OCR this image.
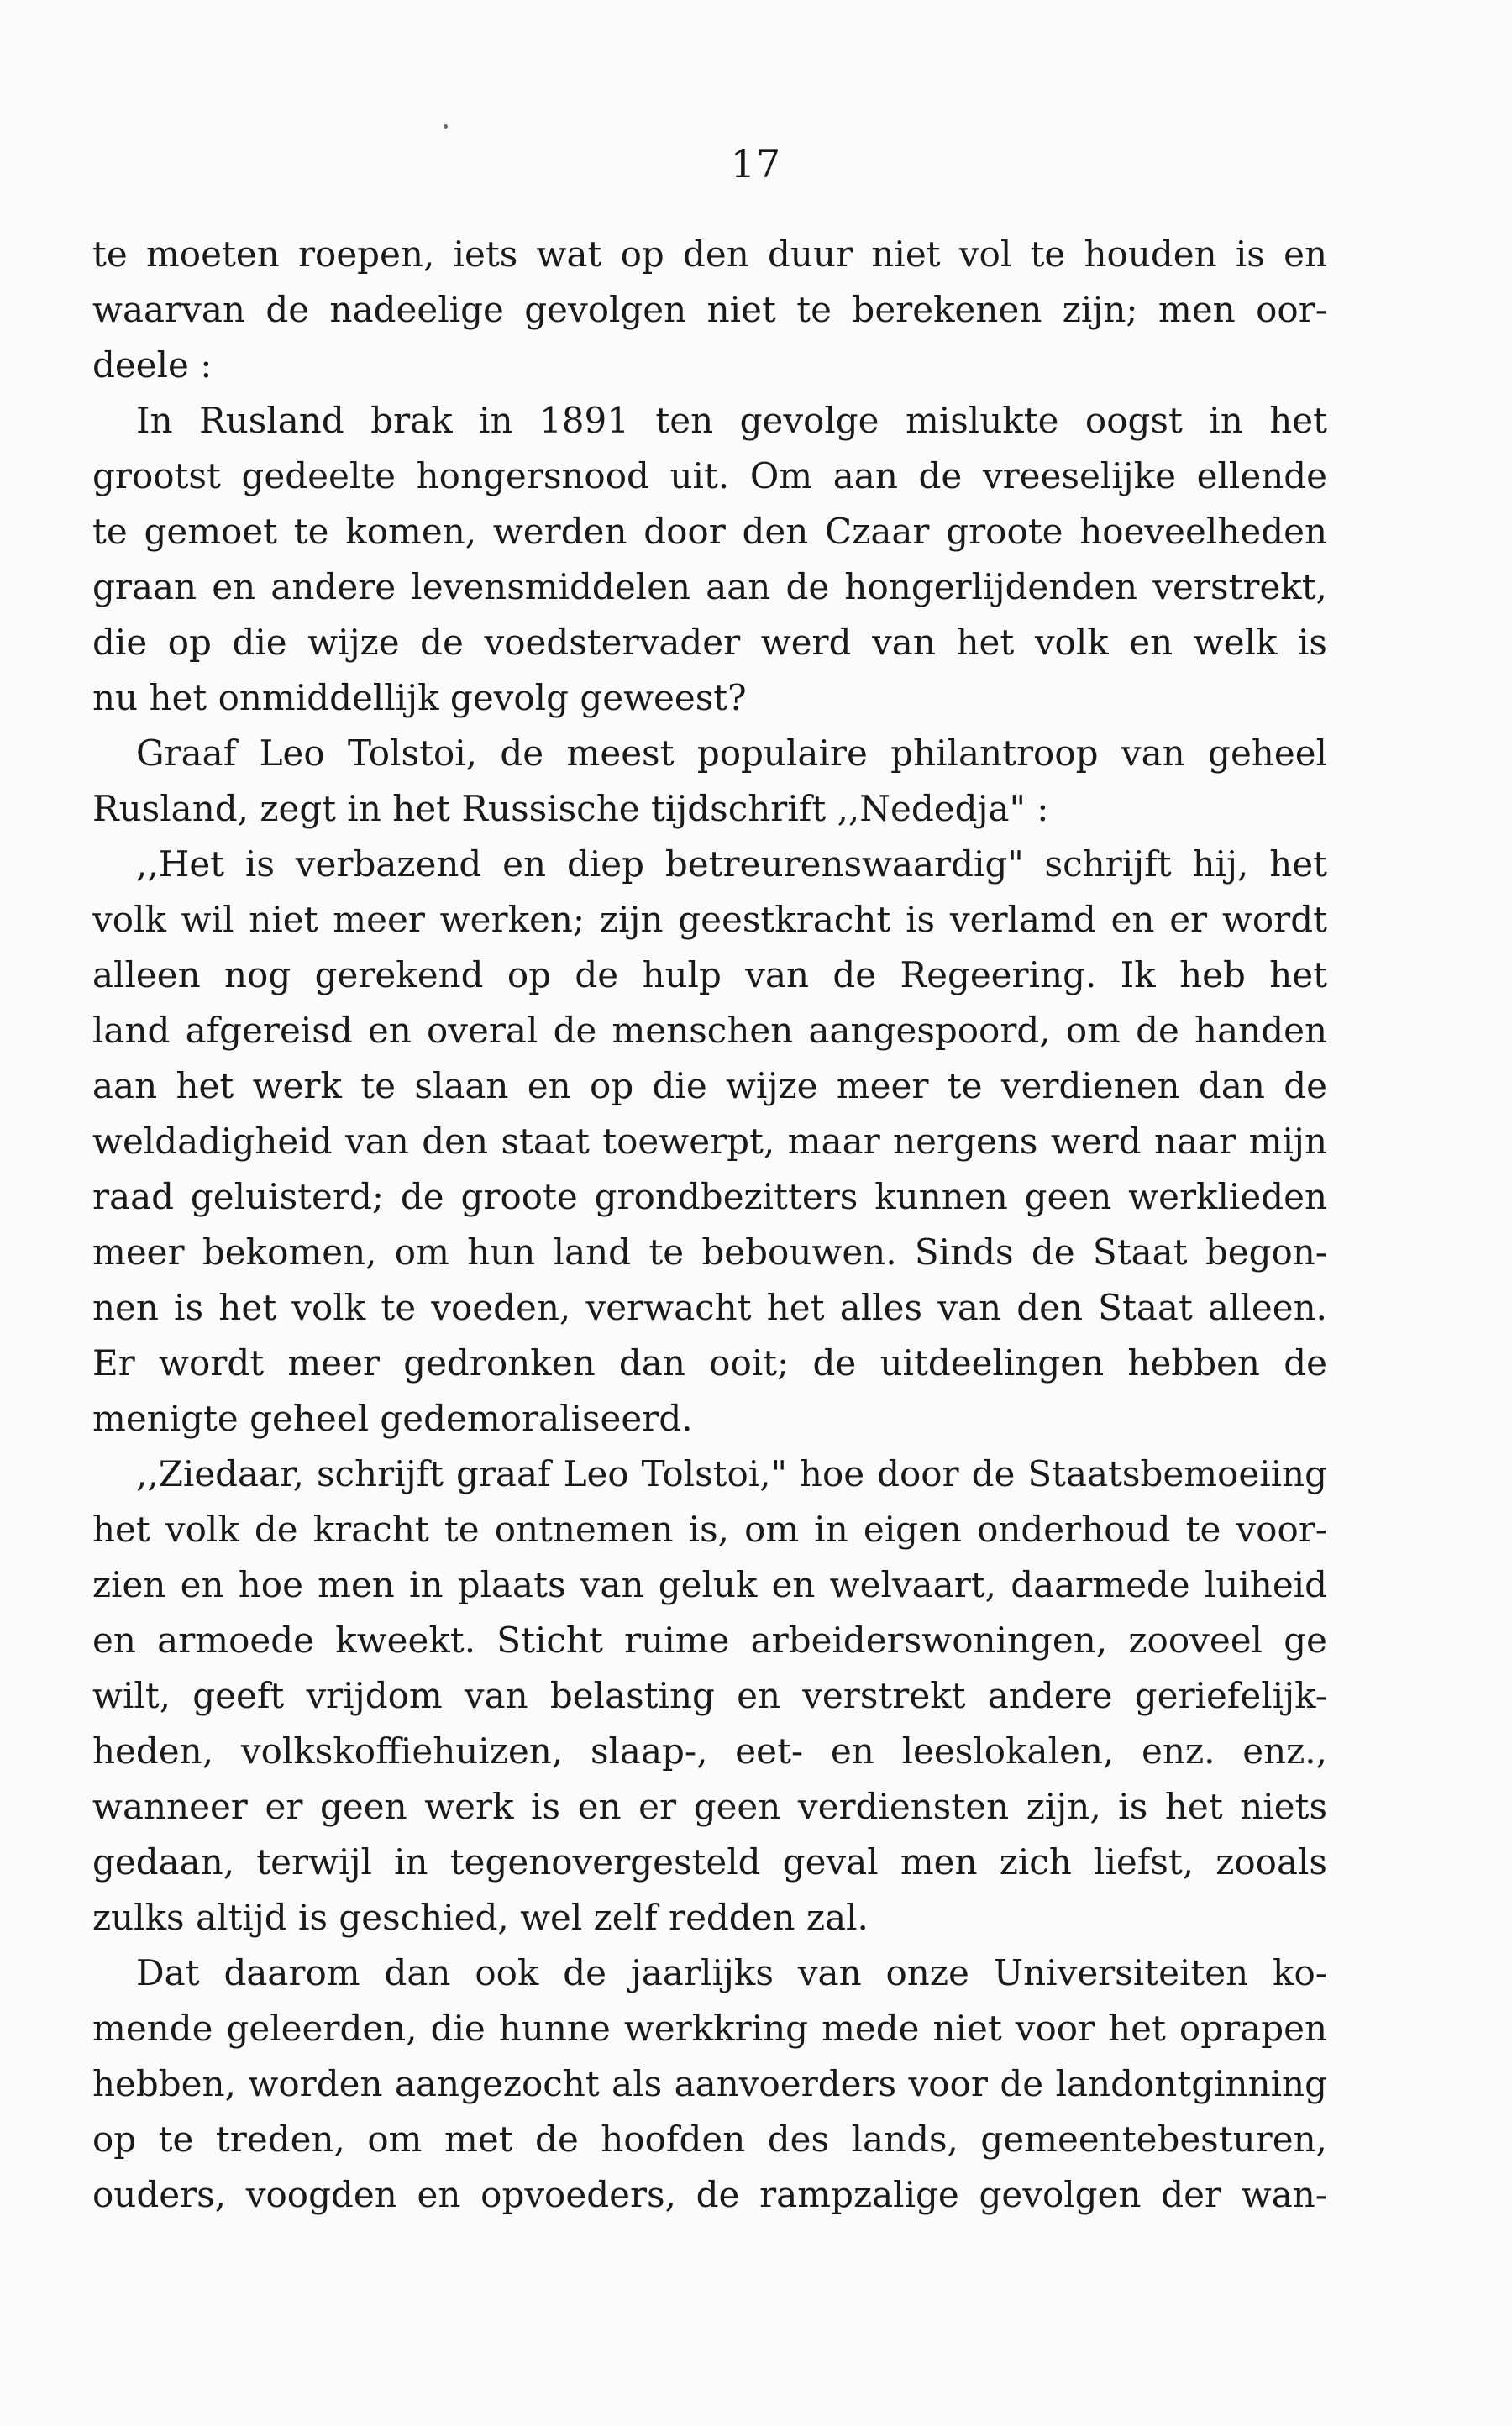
17
te moeten roepen, iets wat op den duur niet vol te houden is en
waarvan de nadeelige gevolgen niet te berekenen zijn; men oor-
deele :
In Rusland brak in 1891 ten gevolge mislukte oogst in het
grootst gedeelte hongersnood uit. Om aan de vreeselijke ellende
te gemoet te komen, werden door den Czaar groote hoeveelheden
graan en andere levensmiddelen aan de hongerlijdenden verstrekt,
die op die wijze de voedstervader werd van het volk en welk is
nu het onmiddellijk gevolg geweest?
Graaf Leo Tolstoi, de meest populaire philantroop van geheel
Rusland, zegt in het Russische tijdschrift ,,Nededja" :
,,Het is verbazend en diep betreurenswaardig" schrijft hij, het
volk wil niet meer werken; zijn geestkracht is verlamd en er wordt
alleen nog gerekend op de hulp van de Regeering. Ik heb het
land afgereisd en overal de menschen aangespoord, om de handen
aan het werk te slaan en op die wijze meer te verdienen dan de
weldadigheid van den staat toewerpt, maar nergens werd naar mijn
raad geluisterd; de groote grondbezitters kunnen geen werklieden
meer bekomen, om hun land te bebouwen. Sinds de Staat begon-
nen is het volk te voeden, verwacht het alles van den Staat alleen.
Er wordt meer gedronken dan ooit; de uitdeelingen hebben de
menigte geheel gedemoraliseerd.
,,Ziedaar, schrijft graaf Leo Tolstoi," hoe door de Staatsbemoeiing
het volk de kracht te ontnemen is, om in eigen onderhoud te voor-
zien en hoe men in plaats van geluk en welvaart, daarmede luiheid
en armoede kweekt. Sticht ruime arbeiderswoningen, zooveel ge
wilt, geeft vrijdom van belasting en verstrekt andere geriefelijk-
heden, volkskoffiehuizen, slaap-, eet- en leeslokalen, enz. enz.,
wanneer er geen werk is en er geen verdiensten zijn, is het niets
gedaan, terwijl in tegenovergesteld geval men zich liefst, zooals
zulks altijd is geschied, wel zelf redden zal.
Dat daarom dan ook de jaarlijks van onze Universiteiten ko-
mende geleerden, die hunne werkkring mede niet voor het oprapen
hebben, worden aangezocht als aanvoerders voor de landontginning
op te treden, om met de hoofden des lands, gemeentebesturen,
ouders, voogden en opvoeders, de rampzalige gevolgen der wan-
